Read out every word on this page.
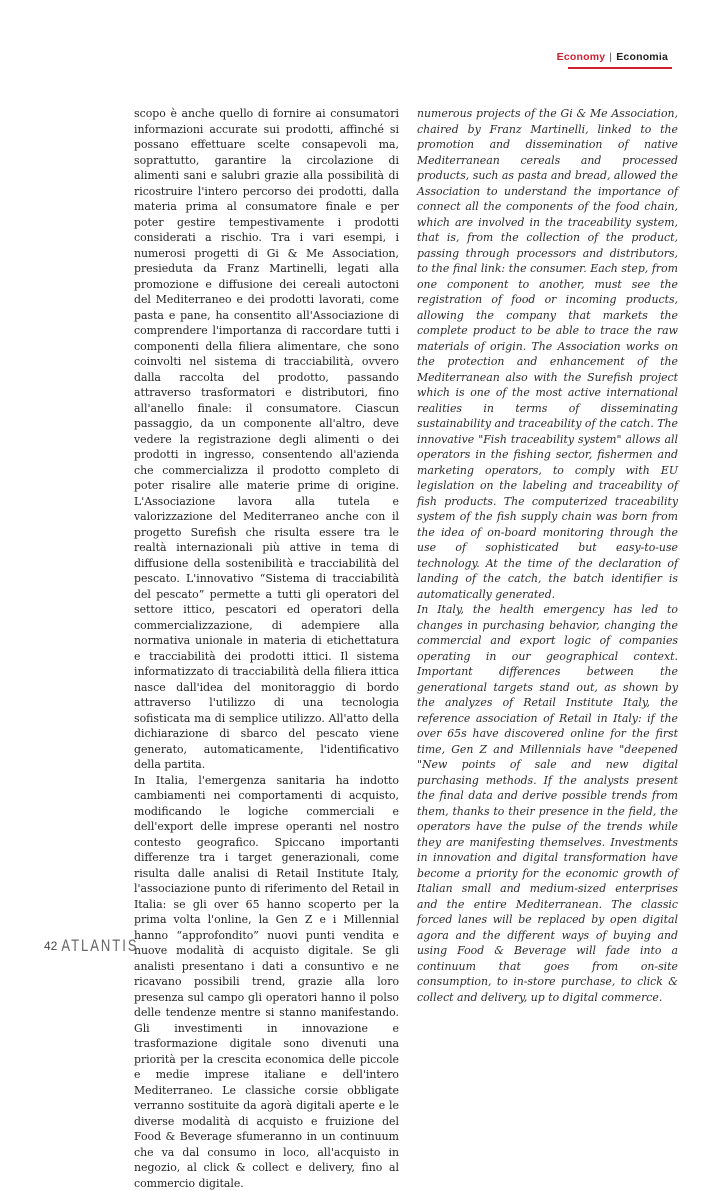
Economy | Economia

scopo è anche quello di fornire ai consumatori informazioni accurate sui prodotti, affinché si possano effettuare scelte consapevoli ma, soprattutto, garantire la circolazione di alimenti sani e salubri grazie alla possibilità di ricostruire l'intero percorso dei prodotti, dalla materia prima al consumatore finale e per poter gestire tempestivamente i prodotti considerati a rischio. Tra i vari esempi, i numerosi progetti di Gi & Me Association, presieduta da Franz Martinelli, legati alla promozione e diffusione dei cereali autoctoni del Mediterraneo e dei prodotti lavorati, come pasta e pane, ha consentito all'Associazione di comprendere l'importanza di raccordare tutti i componenti della filiera alimentare, che sono coinvolti nel sistema di tracciabilità, ovvero dalla raccolta del prodotto, passando attraverso trasformatori e distributori, fino all'anello finale: il consumatore. Ciascun passaggio, da un componente all'altro, deve vedere la registrazione degli alimenti o dei prodotti in ingresso, consentendo all'azienda che commercializza il prodotto completo di poter risalire alle materie prime di origine. L'Associazione lavora alla tutela e valorizzazione del Mediterraneo anche con il progetto Surefish che risulta essere tra le realtà internazionali più attive in tema di diffusione della sostenibilità e tracciabilità del pescato. L'innovativo “Sistema di tracciabilità del pescato” permette a tutti gli operatori del settore ittico, pescatori ed operatori della commercializzazione, di adempiere alla normativa unionale in materia di etichettatura e tracciabilità dei prodotti ittici. Il sistema informatizzato di tracciabilità della filiera ittica nasce dall'idea del monitoraggio di bordo attraverso l'utilizzo di una tecnologia sofisticata ma di semplice utilizzo. All'atto della dichiarazione di sbarco del pescato viene generato, automaticamente, l'identificativo della partita.

In Italia, l'emergenza sanitaria ha indotto cambiamenti nei comportamenti di acquisto, modificando le logiche commerciali e dell'export delle imprese operanti nel nostro contesto geografico. Spiccano importanti differenze tra i target generazionali, come risulta dalle analisi di Retail Institute Italy, l'associazione punto di riferimento del Retail in Italia: se gli over 65 hanno scoperto per la prima volta l'online, la Gen Z e i Millennial hanno “approfondito” nuovi punti vendita e nuove modalità di acquisto digitale. Se gli analisti presentano i dati a consuntivo e ne ricavano possibili trend, grazie alla loro presenza sul campo gli operatori hanno il polso delle tendenze mentre si stanno manifestando. Gli investimenti in innovazione e trasformazione digitale sono divenuti una priorità per la crescita economica delle piccole e medie imprese italiane e dell'intero Mediterraneo. Le classiche corsie obbligate verranno sostituite da agorà digitali aperte e le diverse modalità di acquisto e fruizione del Food & Beverage sfumeranno in un continuum che va dal consumo in loco, all'acquisto in negozio, al click & collect e delivery, fino al commercio digitale.

numerous projects of the Gi & Me Association, chaired by Franz Martinelli, linked to the promotion and dissemination of native Mediterranean cereals and processed products, such as pasta and bread, allowed the Association to understand the importance of connect all the components of the food chain, which are involved in the traceability system, that is, from the collection of the product, passing through processors and distributors, to the final link: the consumer. Each step, from one component to another, must see the registration of food or incoming products, allowing the company that markets the complete product to be able to trace the raw materials of origin. The Association works on the protection and enhancement of the Mediterranean also with the Surefish project which is one of the most active international realities in terms of disseminating sustainability and traceability of the catch. The innovative "Fish traceability system" allows all operators in the fishing sector, fishermen and marketing operators, to comply with EU legislation on the labeling and traceability of fish products. The computerized traceability system of the fish supply chain was born from the idea of on-board monitoring through the use of sophisticated but easy-to-use technology. At the time of the declaration of landing of the catch, the batch identifier is automatically generated.

In Italy, the health emergency has led to changes in purchasing behavior, changing the commercial and export logic of companies operating in our geographical context. Important differences between the generational targets stand out, as shown by the analyzes of Retail Institute Italy, the reference association of Retail in Italy: if the over 65s have discovered online for the first time, Gen Z and Millennials have "deepened "New points of sale and new digital purchasing methods. If the analysts present the final data and derive possible trends from them, thanks to their presence in the field, the operators have the pulse of the trends while they are manifesting themselves. Investments in innovation and digital transformation have become a priority for the economic growth of Italian small and medium-sized enterprises and the entire Mediterranean. The classic forced lanes will be replaced by open digital agora and the different ways of buying and using Food & Beverage will fade into a continuum that goes from on-site consumption, to in-store purchase, to click & collect and delivery, up to digital commerce.

42 ATLANTIS
